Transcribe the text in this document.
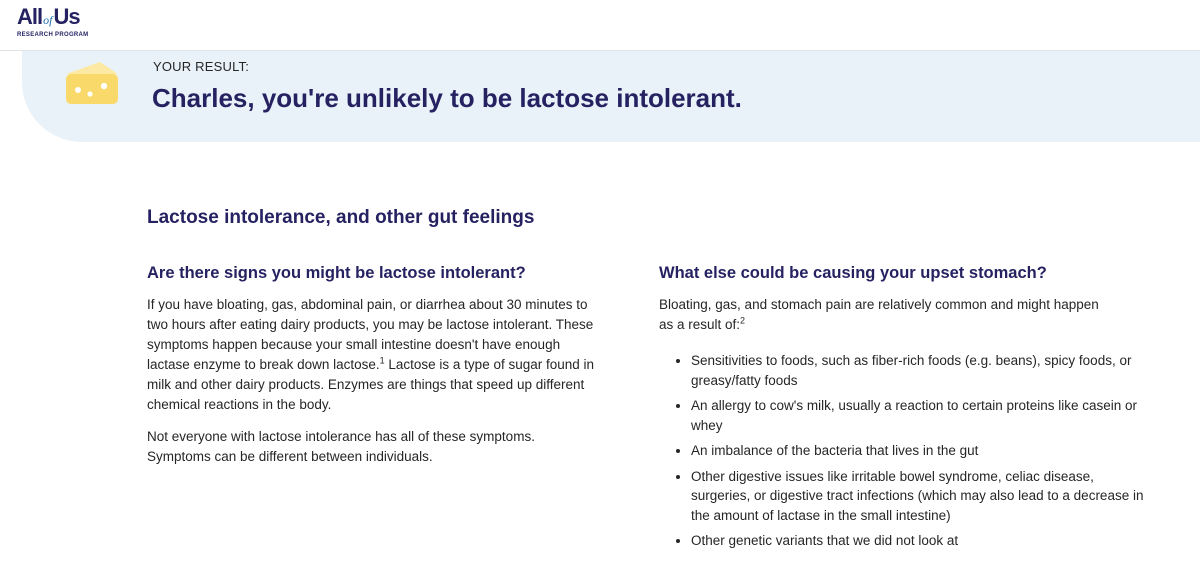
AllofUs
RESEARCH PROGRAM
YOUR RESULT:
Charles, you're unlikely to be lactose intolerant.
Lactose intolerance, and other gut feelings
Are there signs you might be lactose intolerant?

If you have bloating, gas, abdominal pain, or diarrhea about 30 minutes to two hours after eating dairy products, you may be lactose intolerant. These symptoms happen because your small intestine doesn't have enough lactase enzyme to break down lactose.$^1$ Lactose is a type of sugar found in milk and other dairy products. Enzymes are things that speed up different chemical reactions in the body.

Not everyone with lactose intolerance has all of these symptoms. Symptoms can be different between individuals.

What else could be causing your upset stomach?

Bloating, gas, and stomach pain are relatively common and might happen as a result of:$^2$

• Sensitivities to foods, such as fiber-rich foods (e.g. beans), spicy foods, or greasy/fatty foods
• An allergy to cow's milk, usually a reaction to certain proteins like casein or whey
• An imbalance of the bacteria that lives in the gut
• Other digestive issues like irritable bowel syndrome, celiac disease, surgeries, or digestive tract infections (which may also lead to a decrease in the amount of lactase in the small intestine)
• Other genetic variants that we did not look at
